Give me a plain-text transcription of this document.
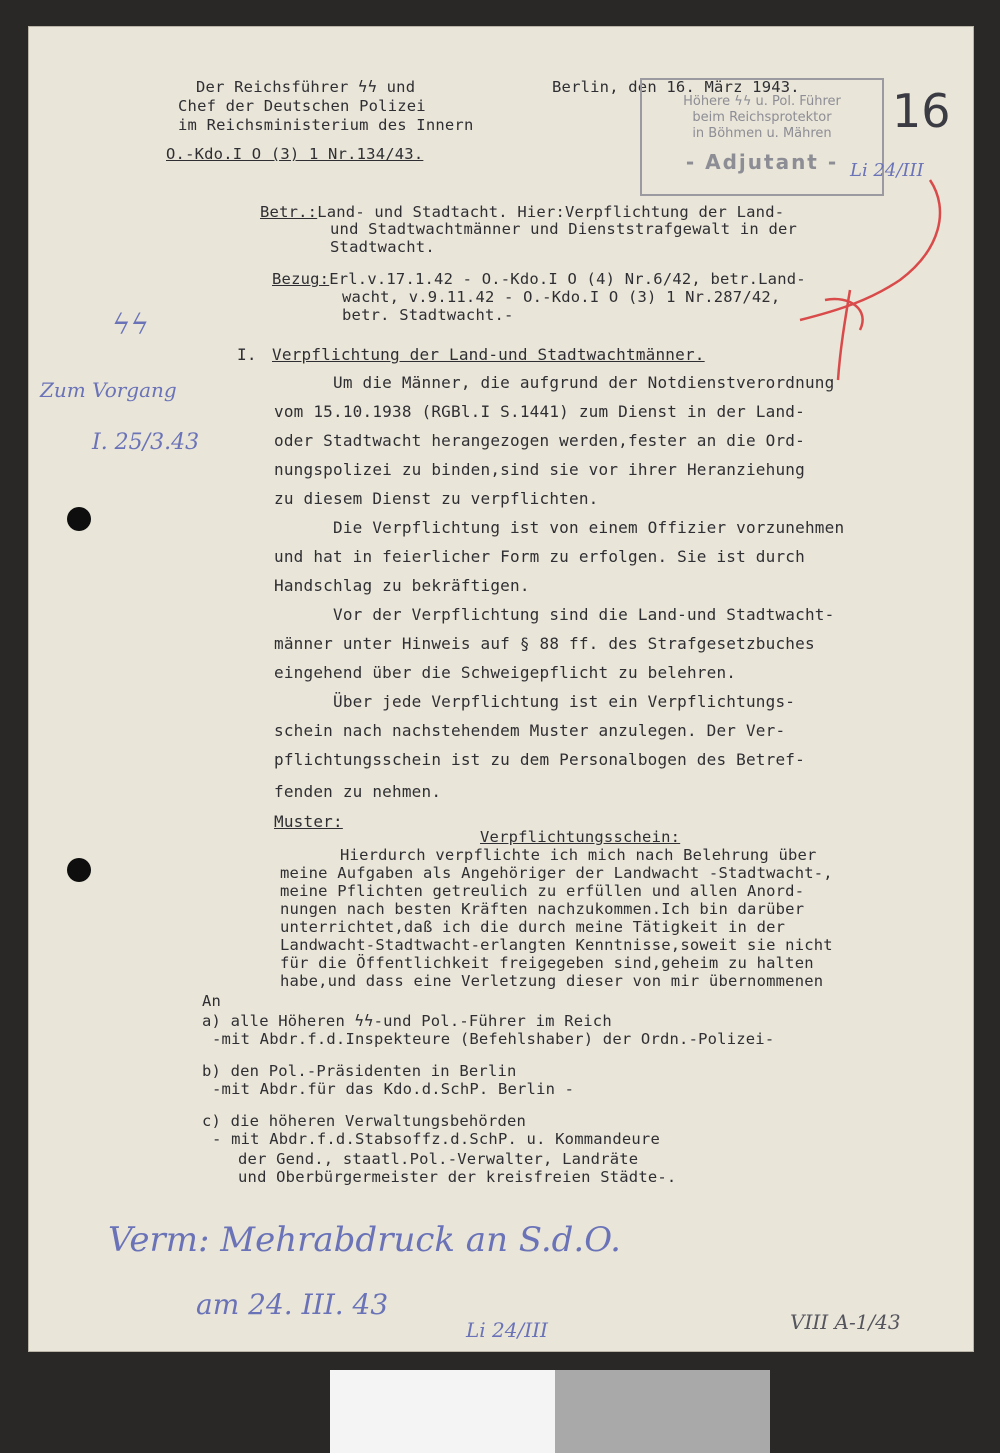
Der Reichsführer ϟϟ und
Chef der Deutschen Polizei
im Reichsministerium des Innern
O.-Kdo.I O (3) 1 Nr.134/43.
Berlin, den 16. März 1943.
Höhere ϟϟ u. Pol. Führer
beim Reichsprotektor
in Böhmen u. Mähren
- Adjutant -
16
Li 24/III
Betr.:Land- und Stadtacht. Hier:Verpflichtung der Land-
und Stadtwachtmänner und Dienststrafgewalt in der
Stadtwacht.
Bezug:Erl.v.17.1.42 - O.-Kdo.I O (4) Nr.6/42, betr.Land-
wacht, v.9.11.42 - O.-Kdo.I O (3) 1 Nr.287/42,
betr. Stadtwacht.-
I. Verpflichtung der Land-und Stadtwachtmänner.
Um die Männer, die aufgrund der Notdienstverordnung
vom 15.10.1938 (RGBl.I S.1441) zum Dienst in der Land-
oder Stadtwacht herangezogen werden,fester an die Ord-
nungspolizei zu binden,sind sie vor ihrer Heranziehung
zu diesem Dienst zu verpflichten.
Die Verpflichtung ist von einem Offizier vorzunehmen
und hat in feierlicher Form zu erfolgen. Sie ist durch
Handschlag zu bekräftigen.
Vor der Verpflichtung sind die Land-und Stadtwacht-
männer unter Hinweis auf § 88 ff. des Strafgesetzbuches
eingehend über die Schweigepflicht zu belehren.
Über jede Verpflichtung ist ein Verpflichtungs-
schein nach nachstehendem Muster anzulegen. Der Ver-
pflichtungsschein ist zu dem Personalbogen des Betref-
fenden zu nehmen.
Muster:
Verpflichtungsschein:
Hierdurch verpflichte ich mich nach Belehrung über
meine Aufgaben als Angehöriger der Landwacht -Stadtwacht-,
meine Pflichten getreulich zu erfüllen und allen Anord-
nungen nach besten Kräften nachzukommen.Ich bin darüber
unterrichtet,daß ich die durch meine Tätigkeit in der
Landwacht-Stadtwacht-erlangten Kenntnisse,soweit sie nicht
für die Öffentlichkeit freigegeben sind,geheim zu halten
habe,und dass eine Verletzung dieser von mir übernommenen
An
a) alle Höheren ϟϟ-und Pol.-Führer im Reich
-mit Abdr.f.d.Inspekteure (Befehlshaber) der Ordn.-Polizei-
b) den Pol.-Präsidenten in Berlin
-mit Abdr.für das Kdo.d.SchP. Berlin -
c) die höheren Verwaltungsbehörden
- mit Abdr.f.d.Stabsoffz.d.SchP. u. Kommandeure
der Gend., staatl.Pol.-Verwalter, Landräte
und Oberbürgermeister der kreisfreien Städte-.
ϟϟ
Zum Vorgang
I. 25/3.43
Verm: Mehrabdruck an S.d.O.
am 24. III. 43
Li 24/III	VIII A-1/43
